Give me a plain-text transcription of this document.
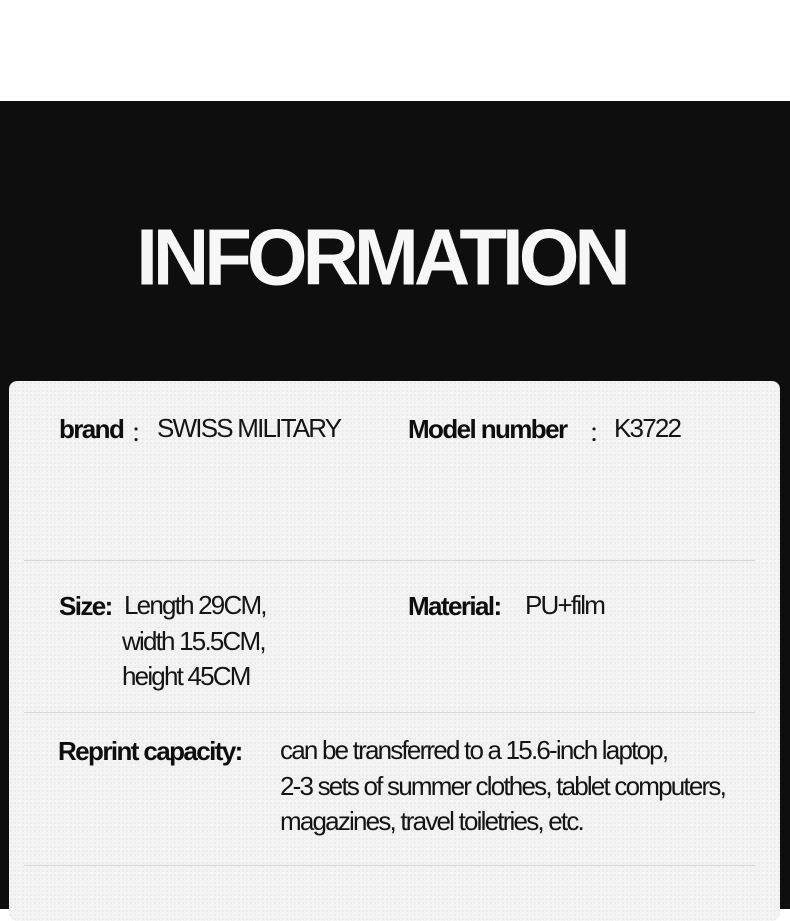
INFORMATION
brand ： SWISS MILITARY	Model number ： K3722
Size: Length 29CM,
width 15.5CM,
height 45CM
Material: PU+film
Reprint capacity: can be transferred to a 15.6-inch laptop,
2-3 sets of summer clothes, tablet computers,
magazines, travel toiletries, etc.
